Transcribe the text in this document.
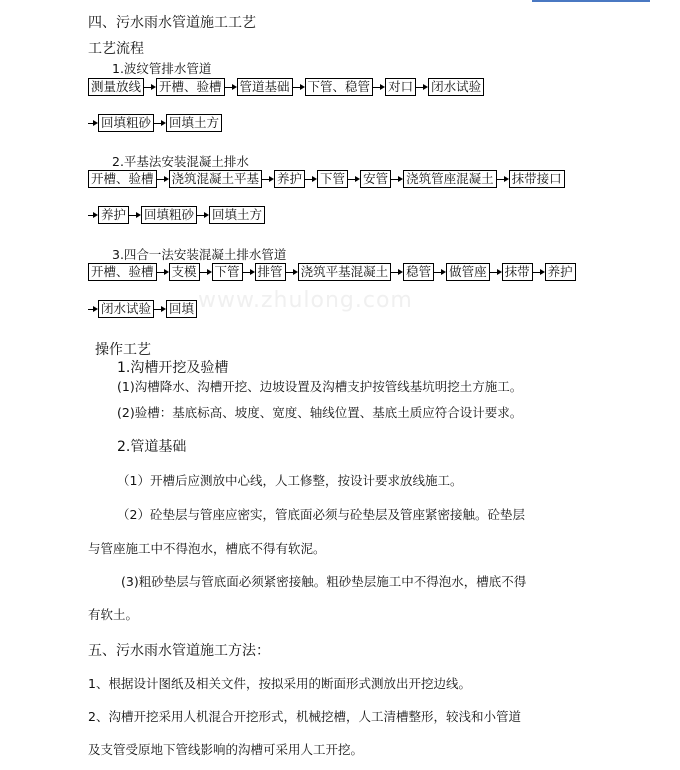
四、污水雨水管道施工工艺
工艺流程
1.波纹管排水管道
测量放线 开槽、验槽 管道基础 下管、稳管 对口 闭水试验
回填粗砂 回填土方
2.平基法安装混凝土排水
开槽、验槽 浇筑混凝土平基 养护 下管 安管 浇筑管座混凝土 抹带接口
养护 回填粗砂 回填土方
3.四合一法安装混凝土排水管道
开槽、验槽 支模 下管 排管 浇筑平基混凝土 稳管 做管座 抹带 养护
闭水试验 回填 www.zhulong.com
操作工艺
1.沟槽开挖及验槽
(1)沟槽降水、沟槽开挖、边坡设置及沟槽支护按管线基坑明挖土方施工。
(2)验槽：基底标高、坡度、宽度、轴线位置、基底土质应符合设计要求。
2.管道基础
（1）开槽后应测放中心线，人工修整，按设计要求放线施工。
（2）砼垫层与管座应密实，管底面必须与砼垫层及管座紧密接触。砼垫层
与管座施工中不得泡水，槽底不得有软泥。
(3)粗砂垫层与管底面必须紧密接触。粗砂垫层施工中不得泡水，槽底不得
有软土。
五、污水雨水管道施工方法：
1、根据设计图纸及相关文件，按拟采用的断面形式测放出开挖边线。
2、沟槽开挖采用人机混合开挖形式，机械挖槽，人工清槽整形，较浅和小管道
及支管受原地下管线影响的沟槽可采用人工开挖。
